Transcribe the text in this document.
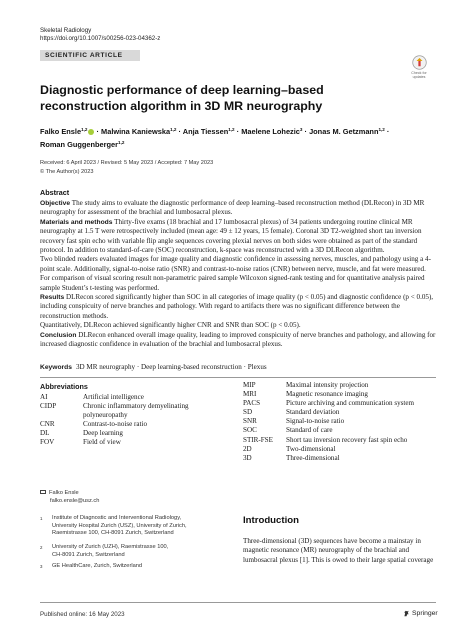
Skeletal Radiology
https://doi.org/10.1007/s00256-023-04362-z
SCIENTIFIC ARTICLE
Check for
updates
Diagnostic performance of deep learning–based reconstruction algorithm in 3D MR neurography
Falko Ensle$^{1,2}$ · Malwina Kaniewska$^{1,2}$ · Anja Tiessen$^{1,2}$ · Maelene Lohezic$^3$ · Jonas M. Getzmann$^{1,2}$ ·
Roman Guggenberger$^{1,2}$
Received: 6 April 2023 / Revised: 5 May 2023 / Accepted: 7 May 2023
© The Author(s) 2023
Abstract

Objective The study aims to evaluate the diagnostic performance of deep learning–based reconstruction method (DLRecon) in 3D MR neurography for assessment of the brachial and lumbosacral plexus.

Materials and methods Thirty-five exams (18 brachial and 17 lumbosacral plexus) of 34 patients undergoing routine clinical MR neurography at 1.5 T were retrospectively included (mean age: 49 ± 12 years, 15 female). Coronal 3D T2-weighted short tau inversion recovery fast spin echo with variable flip angle sequences covering plexial nerves on both sides were obtained as part of the standard protocol. In addition to standard-of-care (SOC) reconstruction, k-space was reconstructed with a 3D DLRecon algorithm.

Two blinded readers evaluated images for image quality and diagnostic confidence in assessing nerves, muscles, and pathology using a 4-point scale. Additionally, signal-to-noise ratio (SNR) and contrast-to-noise ratios (CNR) between nerve, muscle, and fat were measured.

For comparison of visual scoring result non-parametric paired sample Wilcoxon signed-rank testing and for quantitative analysis paired sample Student’s t-testing was performed.

Results DLRecon scored significantly higher than SOC in all categories of image quality (p < 0.05) and diagnostic confidence (p < 0.05), including conspicuity of nerve branches and pathology. With regard to artifacts there was no significant difference between the reconstruction methods.

Quantitatively, DLRecon achieved significantly higher CNR and SNR than SOC (p < 0.05).

Conclusion DLRecon enhanced overall image quality, leading to improved conspicuity of nerve branches and pathology, and allowing for increased diagnostic confidence in evaluation of the brachial and lumbosacral plexus.

Keywords 3D MR neurography · Deep learning-based reconstruction · Plexus
Abbreviations
AI	Artificial intelligence
CIDP	Chronic inflammatory demyelinating polyneuropathy
CNR	Contrast-to-noise ratio
DL	Deep learning
FOV	Field of view
MIP	Maximal intensity projection
MRI	Magnetic resonance imaging
PACS	Picture archiving and communication system
SD	Standard deviation
SNR	Signal-to-noise ratio
SOC	Standard of care
STIR-FSE	Short tau inversion recovery fast spin echo
2D	Two-dimensional
3D	Three-dimensional
Falko Ensle
falko.ensle@usz.ch
1	Institute of Diagnostic and Interventional Radiology,
University Hospital Zurich (USZ), University of Zurich,
Raemistrasse 100, CH-8091 Zurich, Switzerland
2	University of Zurich (UZH), Raemistrasse 100,
CH-8091 Zurich, Switzerland
3	GE HealthCare, Zurich, Switzerland
Introduction

Three-dimensional (3D) sequences have become a mainstay in magnetic resonance (MR) neurography of the brachial and lumbosacral plexus [1]. This is owed to their large spatial coverage

Published online: 16 May 2023	Springer
